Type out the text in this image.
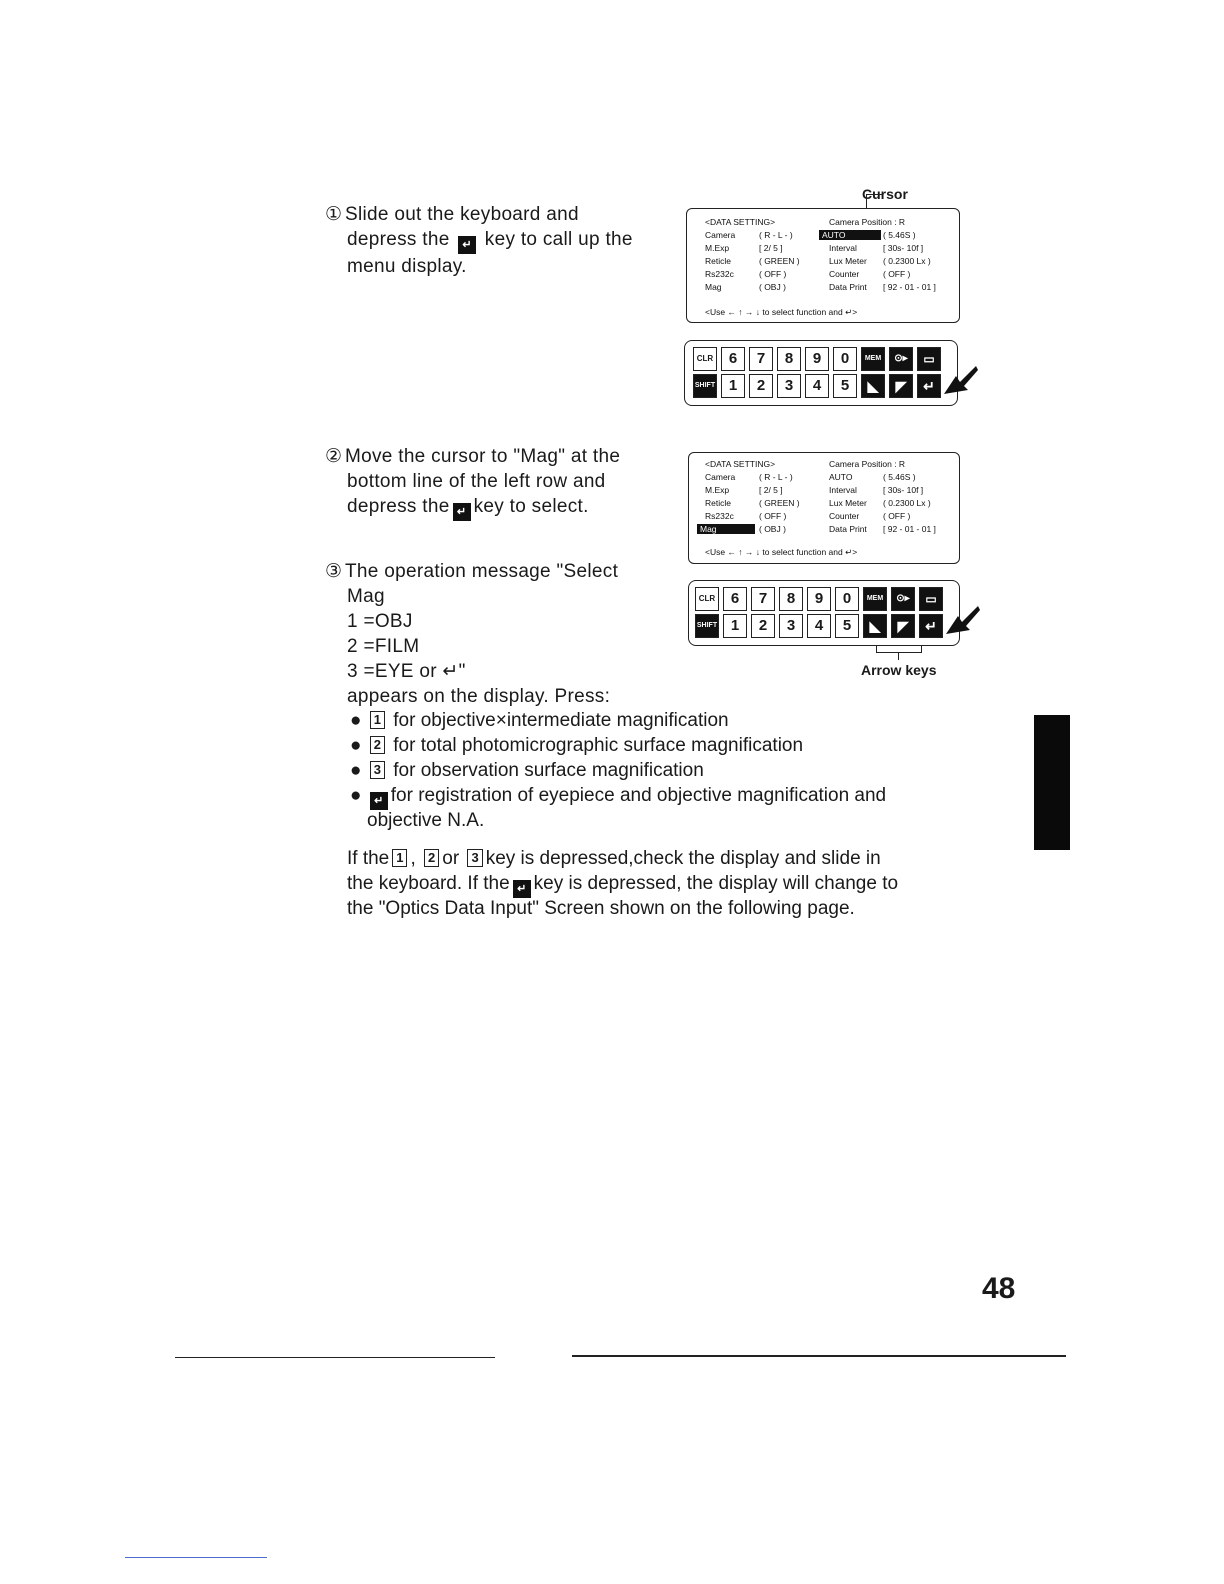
① Slide out the keyboard and
depress the ↵ key to call up the
menu display.
Cursor
<DATA SETTING>	Camera Position : R
Camera	( R - L - )	AUTO	( 5.46S )
M.Exp	[ 2/ 5 ]	Interval	[ 30s- 10f ]
Reticle	( GREEN )	Lux Meter ( 0.2300 Lx )
Rs232c	( OFF )	Counter	( OFF )
Mag	( OBJ )	Data Print [ 92 - 01 - 01 ]
<Use ← ↑ → ↓ to select function and ↵>
CLR	6	7	8	9	0	MEM	⊙▸	▭
SHIFT 1	2	3	4	5	◣	◤	↵
② Move the cursor to "Mag" at the
bottom line of the left row and
depress the ↵ key to select.
<DATA SETTING>	Camera Position : R
Camera	( R - L - )	AUTO	( 5.46S )
M.Exp	[ 2/ 5 ]	Interval	[ 30s- 10f ]
Reticle	( GREEN )	Lux Meter ( 0.2300 Lx )
Rs232c	( OFF )	Counter	( OFF )
Mag	( OBJ )	Data Print [ 92 - 01 - 01 ]
<Use ← ↑ → ↓ to select function and ↵>
③ The operation message "Select
Mag
1 =OBJ
2 =FILM
3 =EYE or ↵"
appears on the display. Press:
CLR	6	7	8	9	0	MEM	⊙▸	▭
SHIFT 1	2	3	4	5	◣	◤	↵
Arrow keys
● 1 for objective×intermediate magnification
● 2 for total photomicrographic surface magnification
● 3 for observation surface magnification
● ↵ for registration of eyepiece and objective magnification and
objective N.A.
If the 1 , 2 or 3 key is depressed,check the display and slide in
the keyboard. If the ↵ key is depressed, the display will change to
the "Optics Data Input" Screen shown on the following page.
48
